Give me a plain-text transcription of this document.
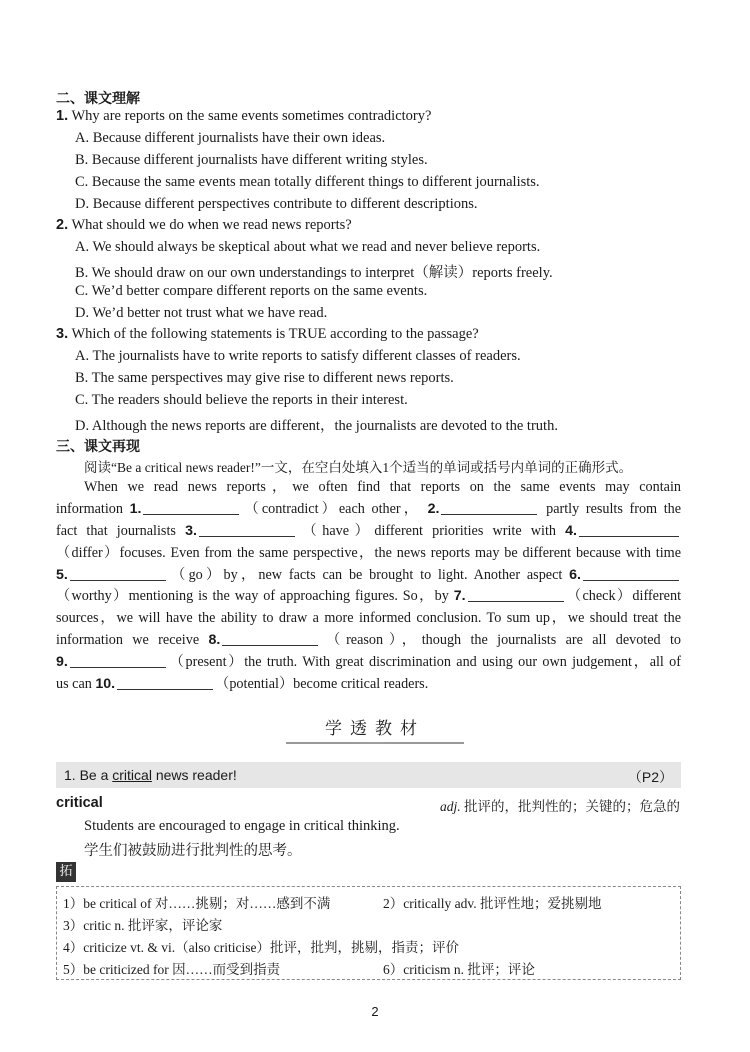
二、课文理解
1. Why are reports on the same events sometimes contradictory?
A. Because different journalists have their own ideas.
B. Because different journalists have different writing styles.
C. Because the same events mean totally different things to different journalists.
D. Because different perspectives contribute to different descriptions.
2. What should we do when we read news reports?
A. We should always be skeptical about what we read and never believe reports.
B. We should draw on our own understandings to interpret（解读）reports freely.
C. We’d better compare different reports on the same events.
D. We’d better not trust what we have read.
3. Which of the following statements is TRUE according to the passage?
A. The journalists have to write reports to satisfy different classes of readers.
B. The same perspectives may give rise to different news reports.
C. The readers should believe the reports in their interest.
D. Although the news reports are different，the journalists are devoted to the truth.
三、课文再现
阅读“Be a critical news reader!”一文，在空白处填入1个适当的单词或括号内单词的正确形式。
When we read news reports，we often find that reports on the same events may contain
information 1.	（contradict）each other， 2.	partly results from the
fact that journalists 3.	（have）different priorities write with 4.
（differ）focuses. Even from the same perspective，the news reports may be different because with time
5.	（go）by，new facts can be brought to light. Another aspect 6.
（worthy）mentioning is the way of approaching figures. So，by 7.	（check）different
sources，we will have the ability to draw a more informed conclusion. To sum up，we should treat the
information we receive 8.	（reason），though the journalists are all devoted to
9.	（present）the truth. With great discrimination and using our own judgement，all of
us can 10.	（potential）become critical readers.
学透教材
1. Be a critical news reader!	（P2）
critical	adj. 批评的，批判性的；关键的；危急的
Students are encouraged to engage in critical thinking.
学生们被鼓励进行批判性的思考。
拓
1）be critical of 对……挑剔；对……感到不满	2）critically adv. 批评性地；爱挑剔地
3）critic n. 批评家，评论家
4）criticize vt. & vi.（also criticise）批评，批判，挑剔，指责；评价
5）be criticized for 因……而受到指责	6）criticism n. 批评；评论
2
